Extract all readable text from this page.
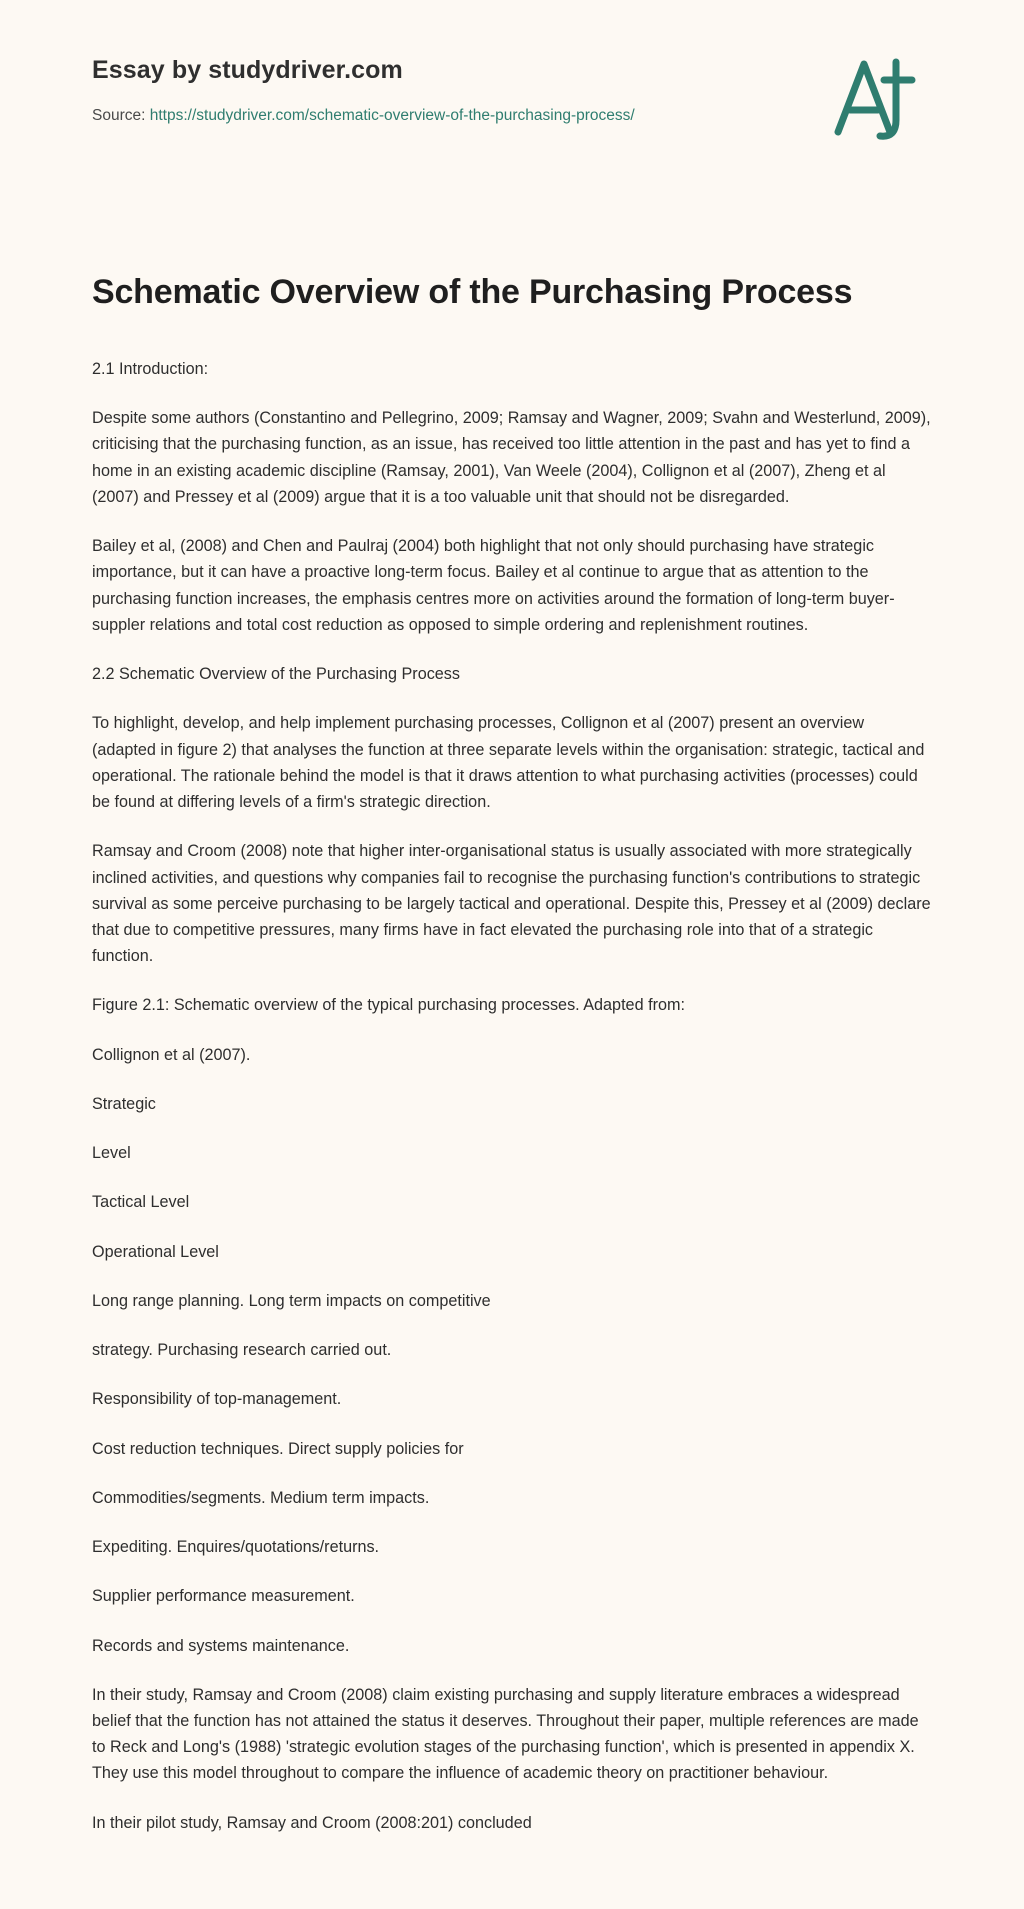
Essay by studydriver.com
Source: https://studydriver.com/schematic-overview-of-the-purchasing-process/
Schematic Overview of the Purchasing Process

2.1 Introduction:

Despite some authors (Constantino and Pellegrino, 2009; Ramsay and Wagner, 2009; Svahn and Westerlund, 2009), criticising that the purchasing function, as an issue, has received too little attention in the past and has yet to find a home in an existing academic discipline (Ramsay, 2001), Van Weele (2004), Collignon et al (2007), Zheng et al (2007) and Pressey et al (2009) argue that it is a too valuable unit that should not be disregarded.

Bailey et al, (2008) and Chen and Paulraj (2004) both highlight that not only should purchasing have strategic importance, but it can have a proactive long-term focus. Bailey et al continue to argue that as attention to the purchasing function increases, the emphasis centres more on activities around the formation of long-term buyer-suppler relations and total cost reduction as opposed to simple ordering and replenishment routines.

2.2 Schematic Overview of the Purchasing Process

To highlight, develop, and help implement purchasing processes, Collignon et al (2007) present an overview (adapted in figure 2) that analyses the function at three separate levels within the organisation: strategic, tactical and operational. The rationale behind the model is that it draws attention to what purchasing activities (processes) could be found at differing levels of a firm's strategic direction.

Ramsay and Croom (2008) note that higher inter-organisational status is usually associated with more strategically inclined activities, and questions why companies fail to recognise the purchasing function's contributions to strategic survival as some perceive purchasing to be largely tactical and operational. Despite this, Pressey et al (2009) declare that due to competitive pressures, many firms have in fact elevated the purchasing role into that of a strategic function.

Figure 2.1: Schematic overview of the typical purchasing processes. Adapted from:

Collignon et al (2007).

Strategic

Level

Tactical Level

Operational Level

Long range planning. Long term impacts on competitive

strategy. Purchasing research carried out.

Responsibility of top-management.

Cost reduction techniques. Direct supply policies for

Commodities/segments. Medium term impacts.

Expediting. Enquires/quotations/returns.

Supplier performance measurement.

Records and systems maintenance.

In their study, Ramsay and Croom (2008) claim existing purchasing and supply literature embraces a widespread belief that the function has not attained the status it deserves. Throughout their paper, multiple references are made to Reck and Long's (1988) 'strategic evolution stages of the purchasing function', which is presented in appendix X. They use this model throughout to compare the influence of academic theory on practitioner behaviour.

In their pilot study, Ramsay and Croom (2008:201) concluded
